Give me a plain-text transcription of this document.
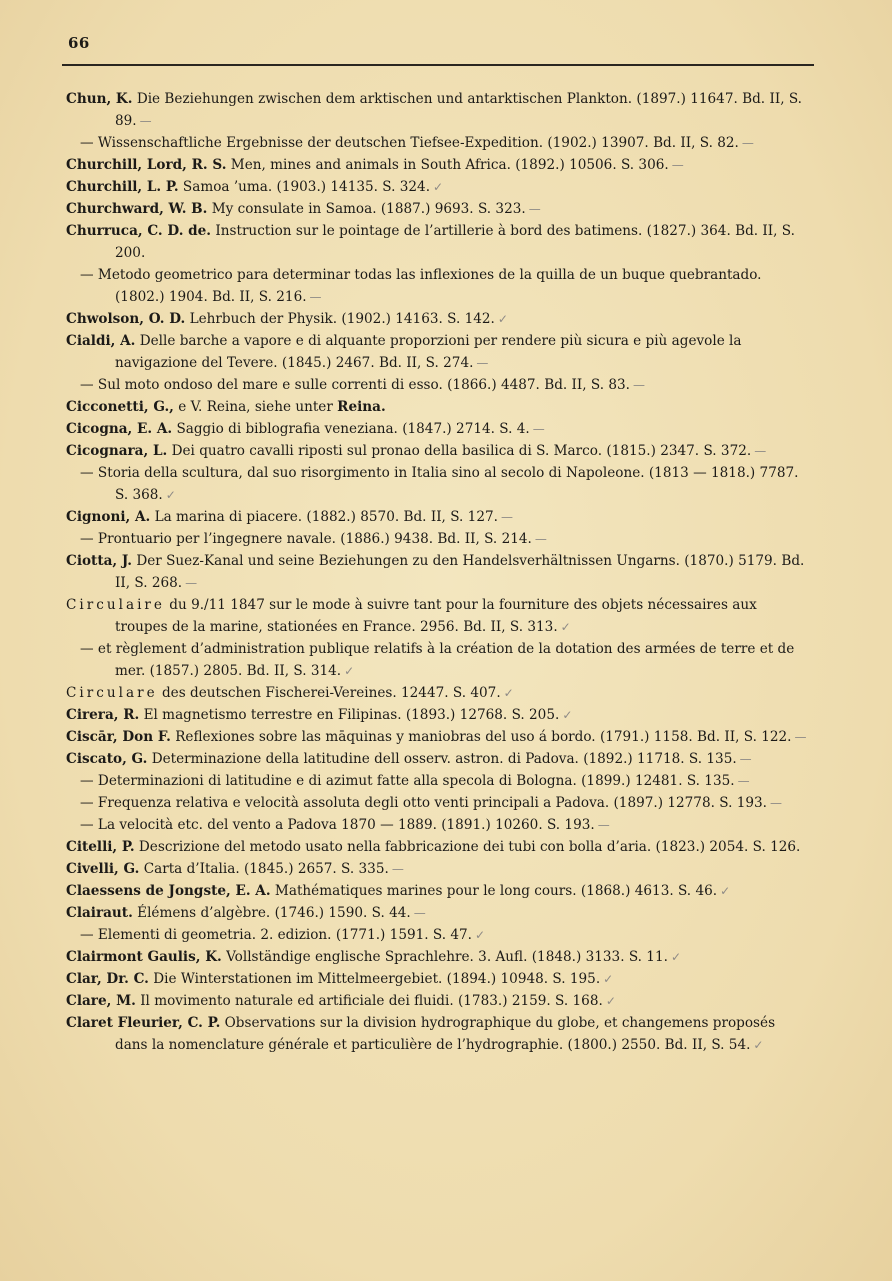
66

Chun, K. Die Beziehungen zwischen dem arktischen und antarktischen Plankton. (1897.) 11647. Bd. II, S. 89. —

— Wissenschaftliche Ergebnisse der deutschen Tiefsee-Expedition. (1902.) 13907. Bd. II, S. 82. —

Churchill, Lord, R. S. Men, mines and animals in South Africa. (1892.) 10506. S. 306. —

Churchill, L. P. Samoa ’uma. (1903.) 14135. S. 324. ✓

Churchward, W. B. My consulate in Samoa. (1887.) 9693. S. 323. —

Churruca, C. D. de. Instruction sur le pointage de l’artillerie à bord des batimens. (1827.) 364. Bd. II, S. 200.

— Metodo geometrico para determinar todas las inflexiones de la quilla de un buque quebrantado. (1802.) 1904. Bd. II, S. 216. —

Chwolson, O. D. Lehrbuch der Physik. (1902.) 14163. S. 142. ✓

Cialdi, A. Delle barche a vapore e di alquante proporzioni per rendere più sicura e più agevole la navigazione del Tevere. (1845.) 2467. Bd. II, S. 274. —

— Sul moto ondoso del mare e sulle correnti di esso. (1866.) 4487. Bd. II, S. 83. —

Cicconetti, G., e V. Reina, siehe unter Reina.

Cicogna, E. A. Saggio di biblografia veneziana. (1847.) 2714. S. 4. —

Cicognara, L. Dei quatro cavalli riposti sul pronao della basilica di S. Marco. (1815.) 2347. S. 372. —

— Storia della scultura, dal suo risorgimento in Italia sino al secolo di Napoleone. (1813 — 1818.) 7787. S. 368. ✓

Cignoni, A. La marina di piacere. (1882.) 8570. Bd. II, S. 127. —

— Prontuario per l’ingegnere navale. (1886.) 9438. Bd. II, S. 214. —

Ciotta, J. Der Suez-Kanal und seine Beziehungen zu den Handelsverhältnissen Ungarns. (1870.) 5179. Bd. II, S. 268. —

Circulaire du 9./11 1847 sur le mode à suivre tant pour la fourniture des objets nécessaires aux troupes de la marine, stationées en France. 2956. Bd. II, S. 313. ✓

— et règlement d’administration publique relatifs à la création de la dotation des armées de terre et de mer. (1857.) 2805. Bd. II, S. 314. ✓

Circulare des deutschen Fischerei-Vereines. 12447. S. 407. ✓

Cirera, R. El magnetismo terrestre en Filipinas. (1893.) 12768. S. 205. ✓

Ciscār, Don F. Reflexiones sobre las māquinas y maniobras del uso á bordo. (1791.) 1158. Bd. II, S. 122. —

Ciscato, G. Determinazione della latitudine dell osserv. astron. di Padova. (1892.) 11718. S. 135. —

— Determinazioni di latitudine e di azimut fatte alla specola di Bologna. (1899.) 12481. S. 135. —

— Frequenza relativa e velocità assoluta degli otto venti principali a Padova. (1897.) 12778. S. 193. —

— La velocità etc. del vento a Padova 1870 — 1889. (1891.) 10260. S. 193. —

Citelli, P. Descrizione del metodo usato nella fabbricazione dei tubi con bolla d’aria. (1823.) 2054. S. 126.

Civelli, G. Carta d’Italia. (1845.) 2657. S. 335. —

Claessens de Jongste, E. A. Mathématiques marines pour le long cours. (1868.) 4613. S. 46. ✓

Clairaut. Élémens d’algèbre. (1746.) 1590. S. 44. —

— Elementi di geometria. 2. edizion. (1771.) 1591. S. 47. ✓

Clairmont Gaulis, K. Vollständige englische Sprachlehre. 3. Aufl. (1848.) 3133. S. 11. ✓

Clar, Dr. C. Die Winterstationen im Mittelmeergebiet. (1894.) 10948. S. 195. ✓

Clare, M. Il movimento naturale ed artificiale dei fluidi. (1783.) 2159. S. 168. ✓

Claret Fleurier, C. P. Observations sur la division hydrographique du globe, et changemens proposés dans la nomenclature générale et particulière de l’hydrographie. (1800.) 2550. Bd. II, S. 54. ✓
